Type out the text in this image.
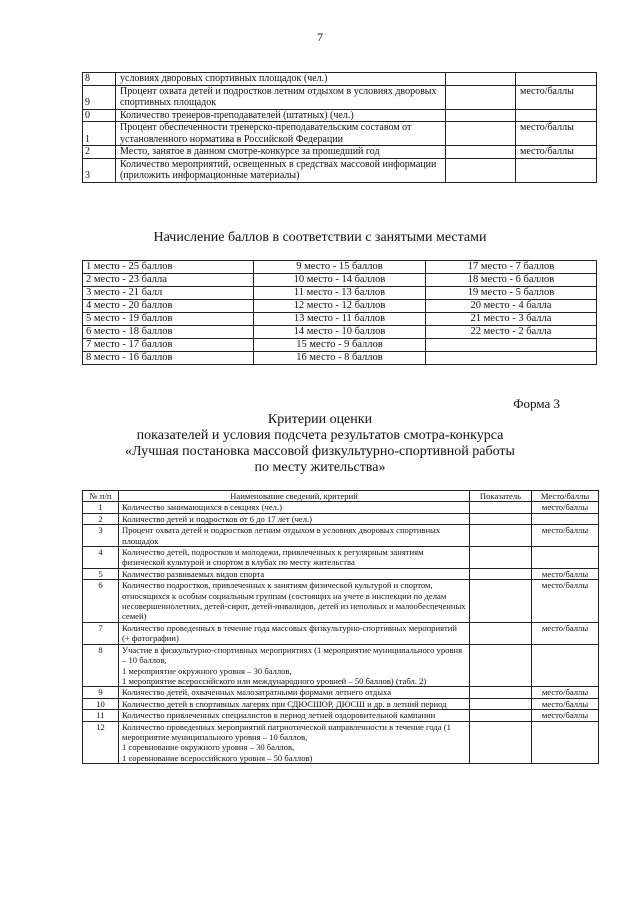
7
8	условиях дворовых спортивных площадок (чел.)		
9	Процент охвата детей и подростков летним отдыхом в условиях дворовых спортивных площадок		место/баллы
0	Количество тренеров-преподавателей (штатных) (чел.)		
1	Процент обеспеченности тренерско-преподавательским составом от установленного норматива в Российской Федерации		место/баллы
2	Место, занятое в данном смотре-конкурсе за прошедший год		место/баллы
3	Количество мероприятий, освещенных в средствах массовой информации (приложить информационные материалы)		
Начисление баллов в соответствии с занятыми местами
1 место - 25 баллов	9 место - 15 баллов	17 место - 7 баллов
2 место - 23 балла	10 место - 14 баллов	18 место - 6 баллов
3 место - 21 балл	11 место - 13 баллов	19 место - 5 баллов
4 место - 20 баллов	12 место - 12 баллов	20 место - 4 балла
5 место - 19 баллов	13 место - 11 баллов	21 место - 3 балла
6 место - 18 баллов	14 место - 10 баллов	22 место - 2 балла
7 место - 17 баллов	15 место - 9 баллов	
8 место - 16 баллов	16 место - 8 баллов	
Форма 3
Критерии оценки
показателей и условия подсчета результатов смотра-конкурса
«Лучшая постановка массовой физкультурно-спортивной работы
по месту жительства»
№ п/п	Наименование сведений, критерий	Показатель	Место/баллы
1	Количество занимающихся в секциях (чел.)		место/баллы
2	Количество детей и подростков от 6 до 17 лет (чел.)		
3	Процент охвата детей и подростков летним отдыхом в условиях дворовых спортивных площадок		место/баллы
4	Количество детей, подростков и молодежи, привлеченных к регулярным занятиям физической культурой и спортом в клубах по месту жительства		
5	Количество развиваемых видов спорта		место/баллы
6	Количество подростков, привлеченных к занятиям физической культурой и спортом, относящихся к особым социальным группам (состоящих на учете в инспекции по делам несовершеннолетних, детей-сирот, детей-инвалидов, детей из неполных и малообеспеченных семей)		место/баллы
7	Количество проведенных в течение года массовых физкультурно-спортивных мероприятий (+ фотографии)		место/баллы
8	Участие в физкультурно-спортивных мероприятиях (1 мероприятие муниципального уровня – 10 баллов,
1 мероприятие окружного уровня – 30 баллов,
1 мероприятие всероссийского или международного уровней – 50 баллов) (табл. 2)		
9	Количество детей, охваченных малозатратными формами летнего отдыха		место/баллы
10	Количество детей в спортивных лагерях при СДЮСШОР, ДЮСШ и др. в летний период		место/баллы
11	Количество привлеченных специалистов в период летней оздоровительной кампании		место/баллы
12	Количество проведенных мероприятий патриотической направленности в течение года (1 мероприятие муниципального уровня – 10 баллов,
1 соревнование окружного уровня – 30 баллов,
1 соревнование всероссийского уровня – 50 баллов)		
